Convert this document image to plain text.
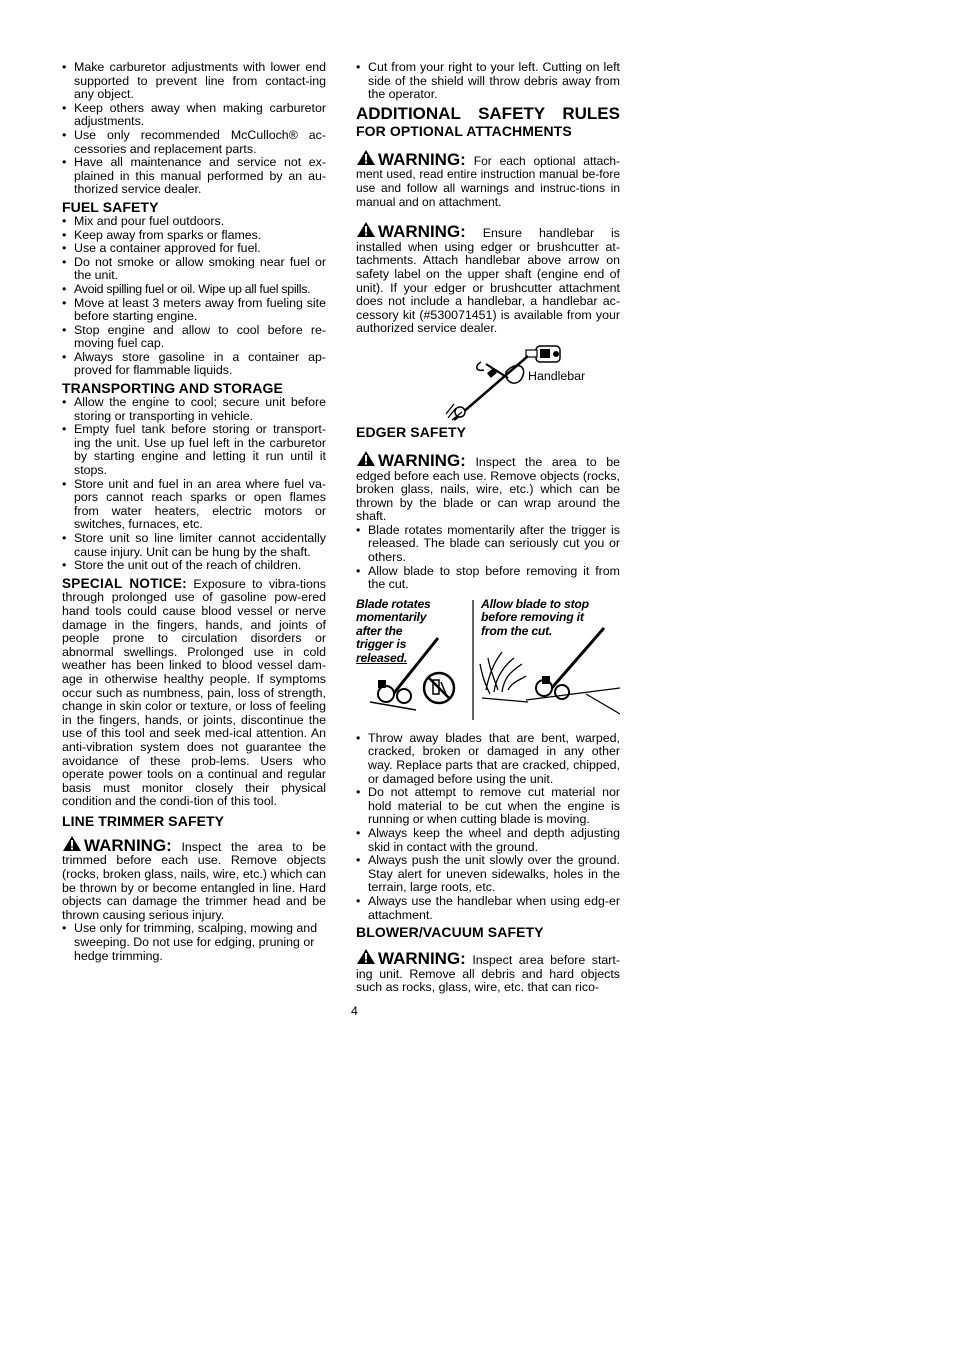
• Make carburetor adjustments with lower end supported to prevent line from contact-ing any object.
• Keep others away when making carburetor adjustments.
• Use only recommended McCulloch® ac-cessories and replacement parts.
• Have all maintenance and service not ex-plained in this manual performed by an au-thorized service dealer.
FUEL SAFETY
• Mix and pour fuel outdoors.
• Keep away from sparks or flames.
• Use a container approved for fuel.
• Do not smoke or allow smoking near fuel or the unit.
• Avoid spilling fuel or oil. Wipe up all fuel spills.
• Move at least 3 meters away from fueling site before starting engine.
• Stop engine and allow to cool before re-moving fuel cap.
• Always store gasoline in a container ap-proved for flammable liquids.
TRANSPORTING AND STORAGE
• Allow the engine to cool; secure unit before storing or transporting in vehicle.
• Empty fuel tank before storing or transport-ing the unit. Use up fuel left in the carburetor by starting engine and letting it run until it stops.
• Store unit and fuel in an area where fuel va-pors cannot reach sparks or open flames from water heaters, electric motors or switches, furnaces, etc.
• Store unit so line limiter cannot accidentally cause injury. Unit can be hung by the shaft.
• Store the unit out of the reach of children.

SPECIAL NOTICE: Exposure to vibra-tions through prolonged use of gasoline pow-ered hand tools could cause blood vessel or nerve damage in the fingers, hands, and joints of people prone to circulation disorders or abnormal swellings. Prolonged use in cold weather has been linked to blood vessel dam-age in otherwise healthy people. If symptoms occur such as numbness, pain, loss of strength, change in skin color or texture, or loss of feeling in the fingers, hands, or joints, discontinue the use of this tool and seek med-ical attention. An anti-vibration system does not guarantee the avoidance of these prob-lems. Users who operate power tools on a continual and regular basis must monitor closely their physical condition and the condi-tion of this tool.

LINE TRIMMER SAFETY

WARNING: Inspect the area to be trimmed before each use. Remove objects (rocks, broken glass, nails, wire, etc.) which can be thrown by or become entangled in line. Hard objects can damage the trimmer head and be thrown causing serious injury.

• Use only for trimming, scalping, mowing and sweeping. Do not use for edging, pruning or hedge trimming.
• Cut from your right to your left. Cutting on left side of the shield will throw debris away from the operator.
ADDITIONAL SAFETY RULES
FOR OPTIONAL ATTACHMENTS

WARNING: For each optional attach-ment used, read entire instruction manual be-fore use and follow all warnings and instruc-tions in manual and on attachment.

WARNING: Ensure handlebar is installed when using edger or brushcutter at-tachments. Attach handlebar above arrow on safety label on the upper shaft (engine end of unit). If your edger or brushcutter attachment does not include a handlebar, a handlebar ac-cessory kit (#530071451) is available from your authorized service dealer.

Handlebar
EDGER SAFETY

WARNING: Inspect the area to be edged before each use. Remove objects (rocks, broken glass, nails, wire, etc.) which can be thrown by the blade or can wrap around the shaft.

• Blade rotates momentarily after the trigger is released. The blade can seriously cut you or others.
• Allow blade to stop before removing it from the cut.
Blade rotates
momentarily
after the
trigger is
released.
Allow blade to stop
before removing it
from the cut.
• Throw away blades that are bent, warped, cracked, broken or damaged in any other way. Replace parts that are cracked, chipped, or damaged before using the unit.
• Do not attempt to remove cut material nor hold material to be cut when the engine is running or when cutting blade is moving.
• Always keep the wheel and depth adjusting skid in contact with the ground.
• Always push the unit slowly over the ground. Stay alert for uneven sidewalks, holes in the terrain, large roots, etc.
• Always use the handlebar when using edg-er attachment.
BLOWER/VACUUM SAFETY

WARNING: Inspect area before start-ing unit. Remove all debris and hard objects such as rocks, glass, wire, etc. that can rico-

4
